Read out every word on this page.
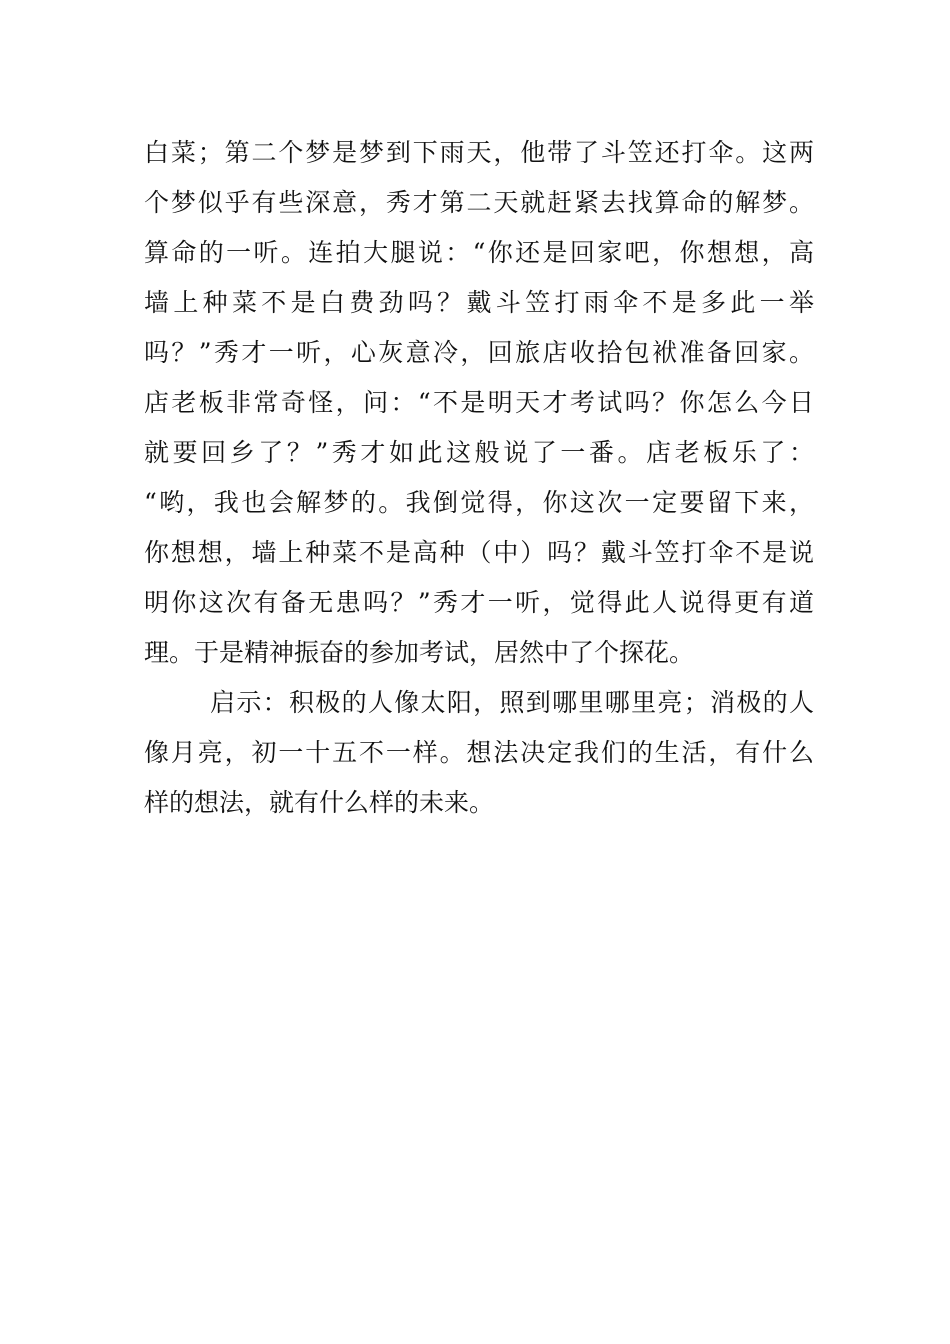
白菜；第二个梦是梦到下雨天，他带了斗笠还打伞。这两
个梦似乎有些深意，秀才第二天就赶紧去找算命的解梦。
算命的一听。连拍大腿说：“你还是回家吧，你想想，高
墙上种菜不是白费劲吗？戴斗笠打雨伞不是多此一举
吗？”秀才一听，心灰意冷，回旅店收拾包袱准备回家。
店老板非常奇怪，问：“不是明天才考试吗？你怎么今日
就要回乡了？”秀才如此这般说了一番。店老板乐了：
“哟，我也会解梦的。我倒觉得，你这次一定要留下来，
你想想，墙上种菜不是高种（中）吗？戴斗笠打伞不是说
明你这次有备无患吗？”秀才一听，觉得此人说得更有道
理。于是精神振奋的参加考试，居然中了个探花。
启示：积极的人像太阳，照到哪里哪里亮；消极的人
像月亮，初一十五不一样。想法决定我们的生活，有什么
样的想法，就有什么样的未来。
